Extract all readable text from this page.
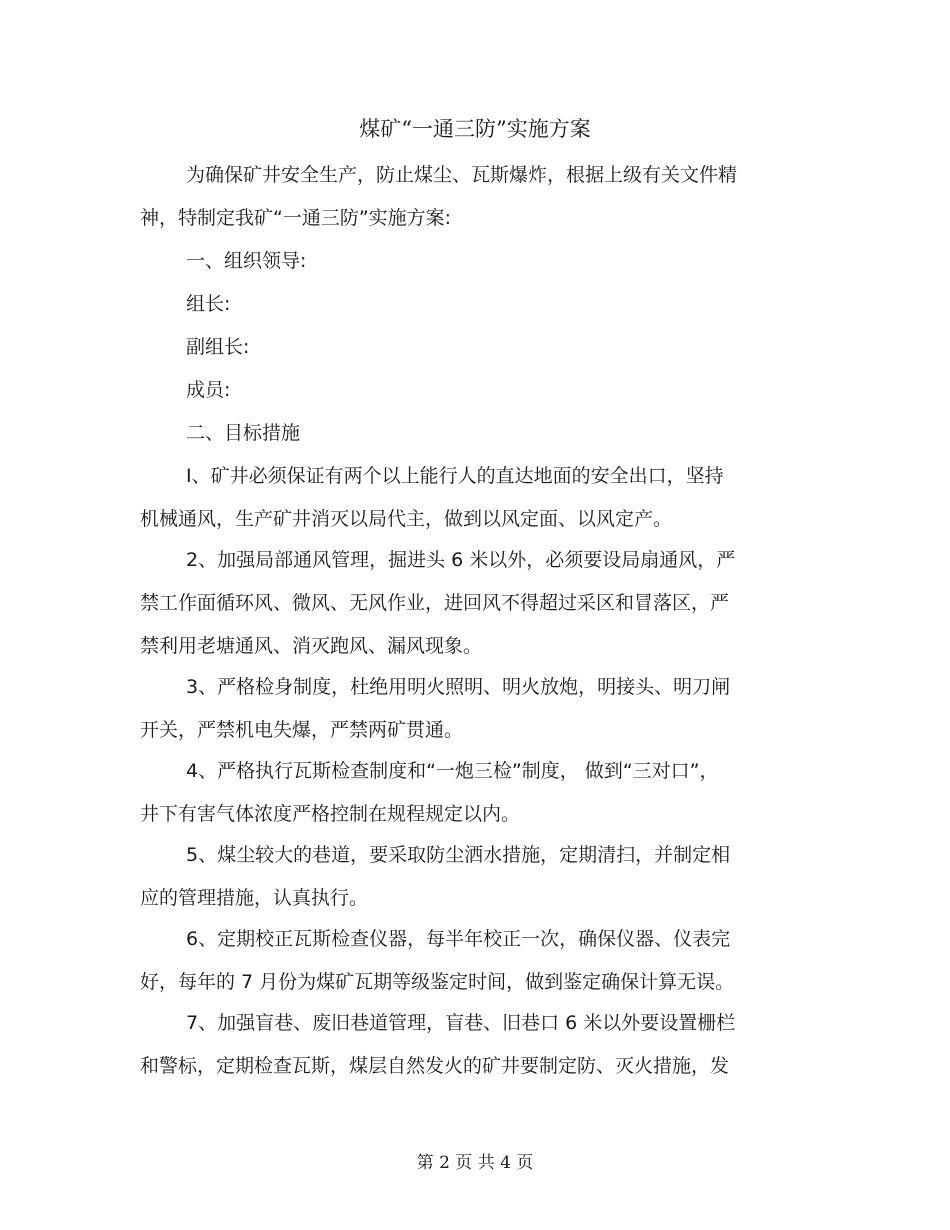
煤矿“一通三防”实施方案
为确保矿井安全生产，防止煤尘、瓦斯爆炸，根据上级有关文件精
神，特制定我矿“一通三防”实施方案:
一、组织领导:
组长:
副组长:
成员:
二、目标措施
I、矿井必须保证有两个以上能行人的直达地面的安全出口，坚持
机械通风，生产矿井消灭以局代主，做到以风定面、以风定产。
2、加强局部通风管理，掘进头 6 米以外，必须要设局扇通风，严
禁工作面循环风、微风、无风作业，进回风不得超过采区和冒落区，严
禁利用老塘通风、消灭跑风、漏风现象。
3、严格检身制度，杜绝用明火照明、明火放炮，明接头、明刀闸
开关，严禁机电失爆，严禁两矿贯通。
4、严格执行瓦斯检查制度和“一炮三检”制度， 做到“三对口”，
井下有害气体浓度严格控制在规程规定以内。
5、煤尘较大的巷道，要采取防尘洒水措施，定期清扫，并制定相
应的管理措施，认真执行。
6、定期校正瓦斯检查仪器，每半年校正一次，确保仪器、仪表完
好，每年的 7 月份为煤矿瓦期等级鉴定时间，做到鉴定确保计算无误。
7、加强盲巷、废旧巷道管理，盲巷、旧巷口 6 米以外要设置栅栏
和警标，定期检查瓦斯，煤层自然发火的矿井要制定防、灭火措施，发
第 2 页 共 4 页
